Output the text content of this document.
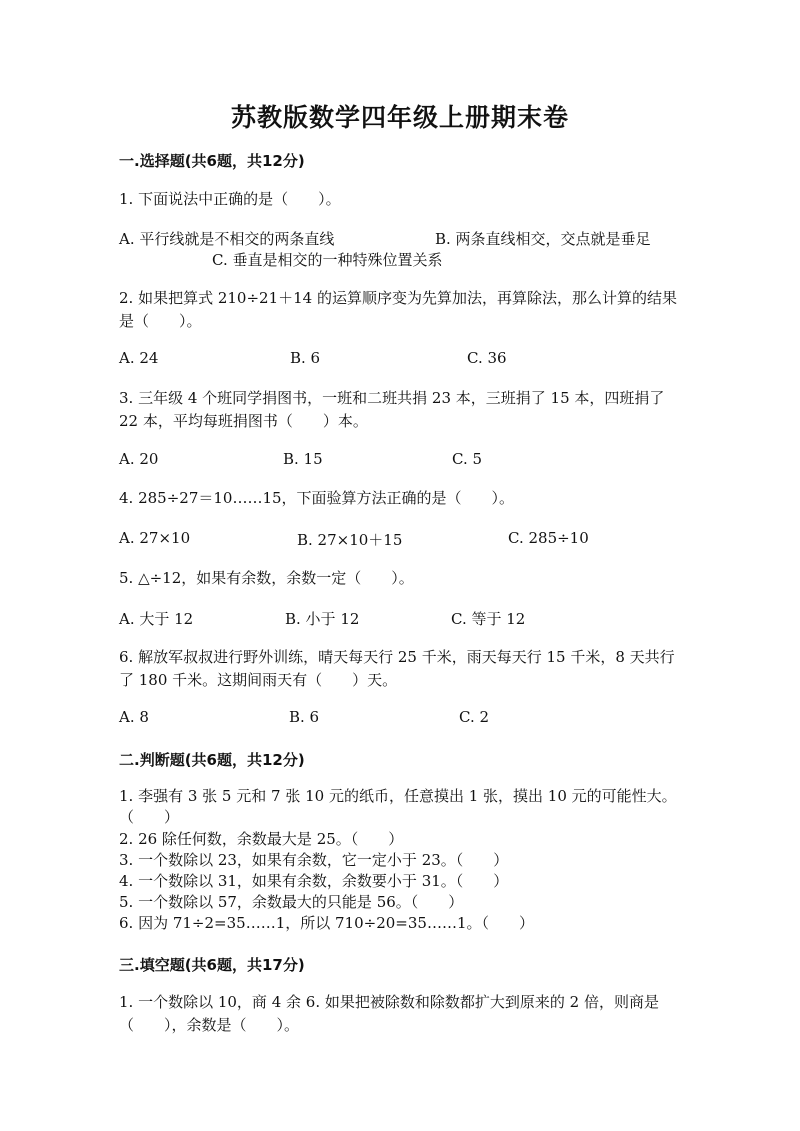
苏教版数学四年级上册期末卷
一.选择题(共6题，共12分)
1. 下面说法中正确的是（　　）。
A. 平行线就是不相交的两条直线	B. 两条直线相交，交点就是垂足
C. 垂直是相交的一种特殊位置关系
2. 如果把算式 210÷21＋14 的运算顺序变为先算加法，再算除法，那么计算的结果是（　　）。
A. 24	B. 6	C. 36
3. 三年级 4 个班同学捐图书，一班和二班共捐 23 本，三班捐了 15 本，四班捐了 22 本，平均每班捐图书（　　）本。
A. 20	B. 15	C. 5
4. 285÷27＝10……15，下面验算方法正确的是（　　）。
A. 27×10	B. 27×10＋15	C. 285÷10
5. △÷12，如果有余数，余数一定（　　）。
A. 大于 12	B. 小于 12	C. 等于 12
6. 解放军叔叔进行野外训练，晴天每天行 25 千米，雨天每天行 15 千米，8 天共行了 180 千米。这期间雨天有（　　）天。
A. 8	B. 6	C. 2
二.判断题(共6题，共12分)
1. 李强有 3 张 5 元和 7 张 10 元的纸币，任意摸出 1 张，摸出 10 元的可能性大。（　　）
2. 26 除任何数，余数最大是 25。（　　）
3. 一个数除以 23，如果有余数，它一定小于 23。（　　）
4. 一个数除以 31，如果有余数，余数要小于 31。（　　）
5. 一个数除以 57，余数最大的只能是 56。（　　）
6. 因为 71÷2=35……1，所以 710÷20=35……1。（　　）
三.填空题(共6题，共17分)
1. 一个数除以 10，商 4 余 6. 如果把被除数和除数都扩大到原来的 2 倍，则商是（　　），余数是（　　）。
